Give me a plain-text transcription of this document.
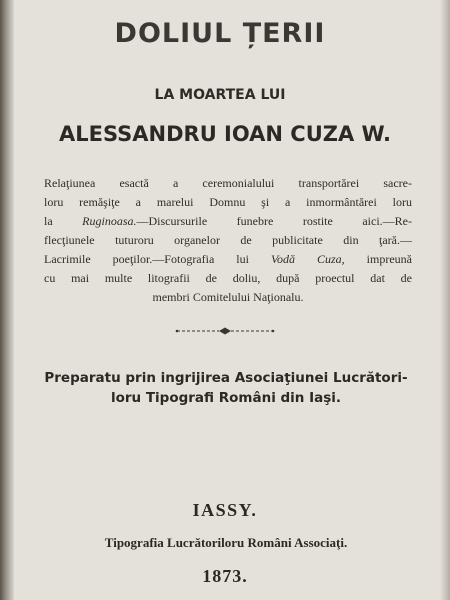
DOLIUL ȚERII
LA MOARTEA LUI
ALESSANDRU IOAN CUZA W.

Relaţiunea esactă a ceremonialului transportărei sacre-
loru remăşiţe a marelui Domnu şi a inmormântărei loru
la Ruginoasa.—Discursurile funebre rostite aici.—Re-
flecţiunele tuturoru organelor de publicitate din ţară.—
Lacrimile poeţilor.—Fotografia lui Vodă Cuza, impreună
cu mai multe litografii de doliu, după proectul dat de
membri Comitelului Naţionalu.

Preparatu prin ingrijirea Asociaţiunei Lucrători-
loru Tipografi Români din Iaşi.
IASSY.
Tipografia Lucrătoriloru Români Associaţi.
1873.
